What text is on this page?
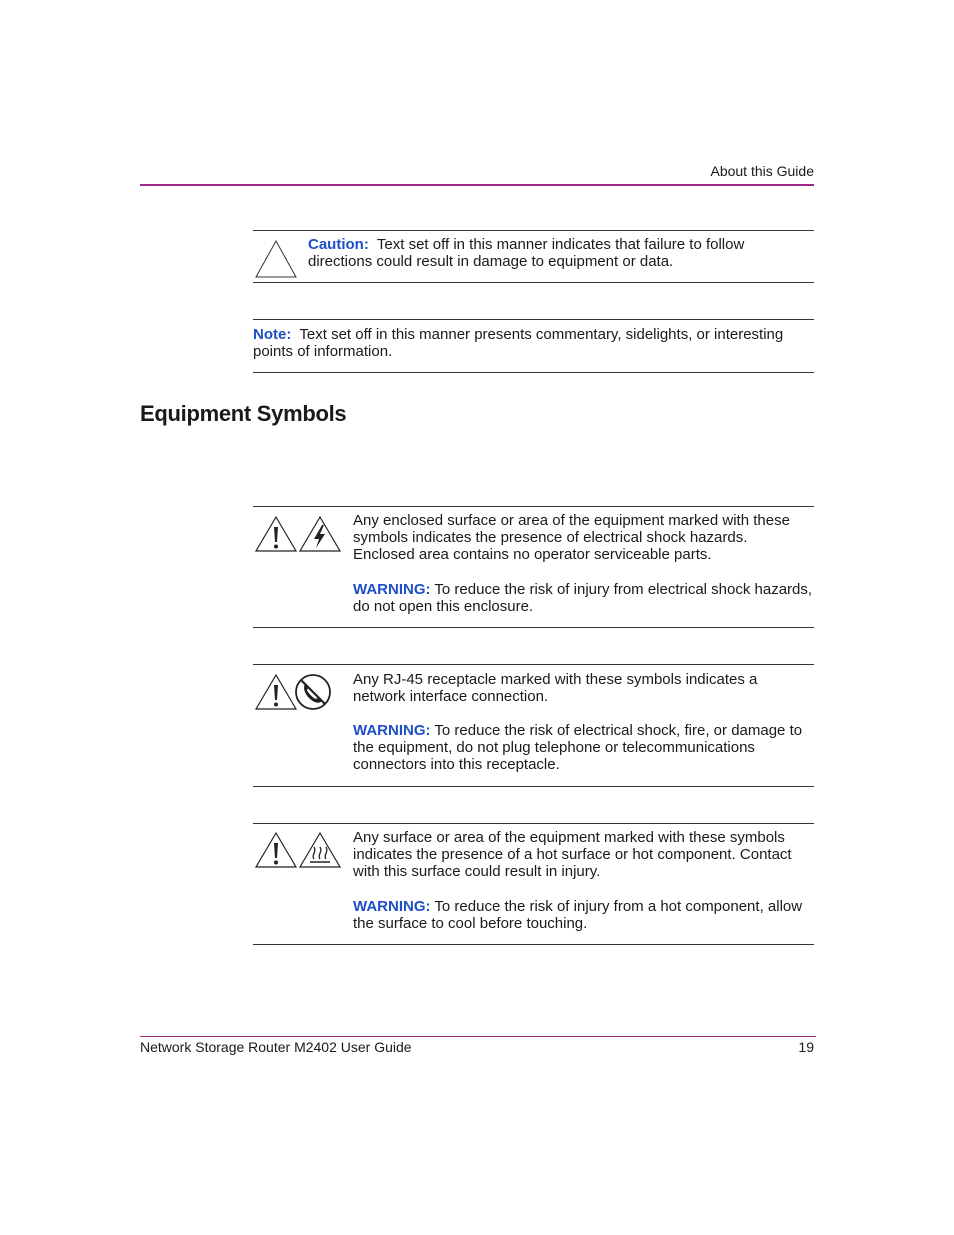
About this Guide
Caution: Text set off in this manner indicates that failure to follow directions could result in damage to equipment or data.
Note: Text set off in this manner presents commentary, sidelights, or interesting points of information.
Equipment Symbols
Any enclosed surface or area of the equipment marked with these symbols indicates the presence of electrical shock hazards. Enclosed area contains no operator serviceable parts.
WARNING: To reduce the risk of injury from electrical shock hazards, do not open this enclosure.
Any RJ-45 receptacle marked with these symbols indicates a network interface connection.
WARNING: To reduce the risk of electrical shock, fire, or damage to the equipment, do not plug telephone or telecommunications connectors into this receptacle.
Any surface or area of the equipment marked with these symbols indicates the presence of a hot surface or hot component. Contact with this surface could result in injury.
WARNING: To reduce the risk of injury from a hot component, allow the surface to cool before touching.
Network Storage Router M2402 User Guide	19
